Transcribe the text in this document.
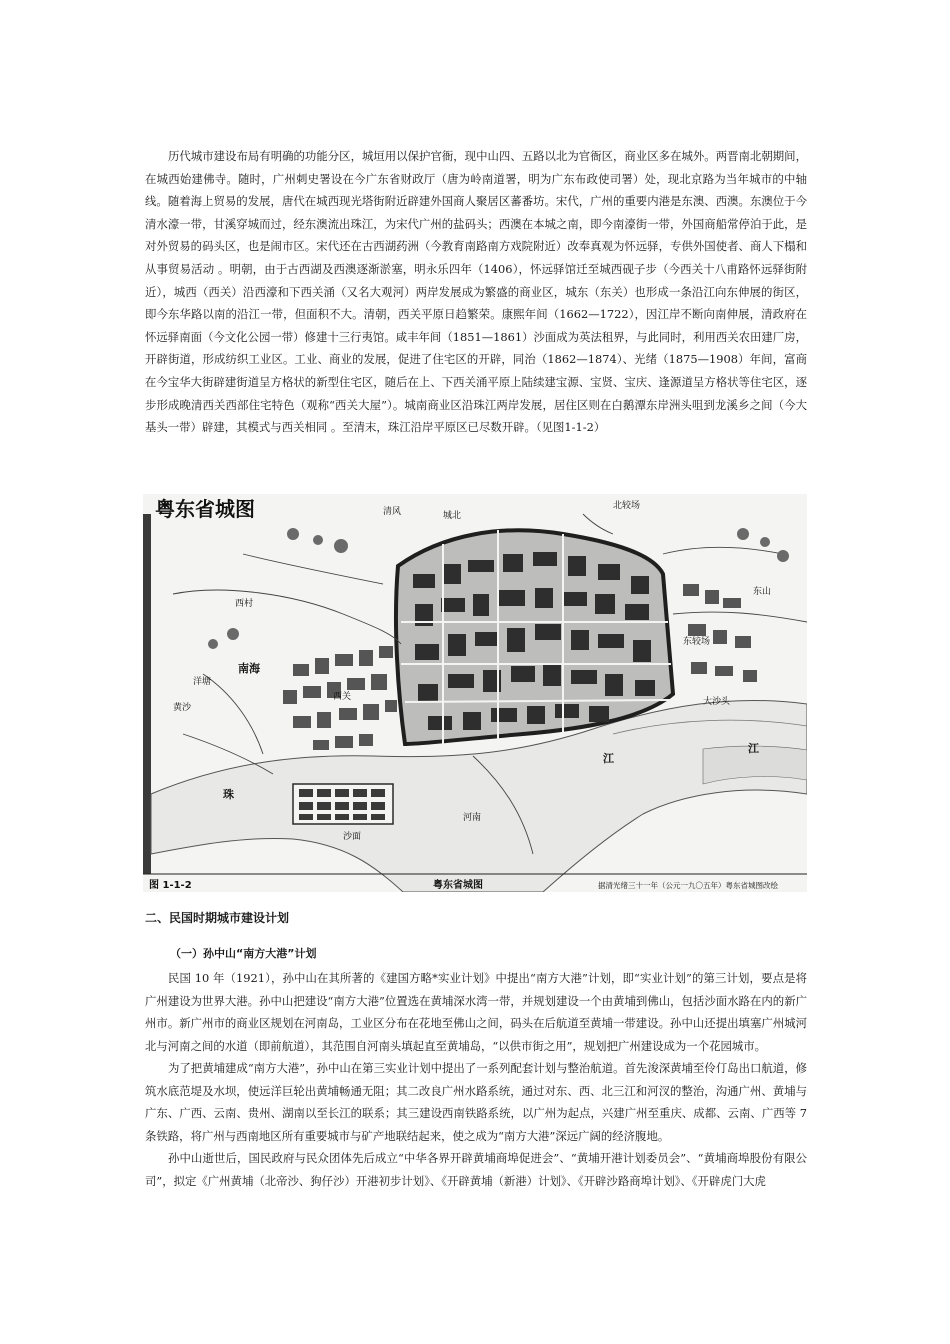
历代城市建设布局有明确的功能分区，城垣用以保护官衙，现中山四、五路以北为官衙区，商业区多在城外。两晋南北朝期间，在城西始建佛寺。随时，广州刺史署设在今广东省财政厅（唐为岭南道署，明为广东布政使司署）处，现北京路为当年城市的中轴线。随着海上贸易的发展，唐代在城西现光塔街附近辟建外国商人聚居区蕃番坊。宋代，广州的重要内港是东澳、西澳。东澳位于今清水濠一带，甘溪穿城而过，经东澳流出珠江，为宋代广州的盐码头；西澳在本城之南，即今南濠街一带，外国商船常停泊于此，是对外贸易的码头区，也是闹市区。宋代还在古西湖药洲（今教育南路南方戏院附近）改奉真观为怀远驿，专供外国使者、商人下榻和从事贸易活动 。明朝，由于古西湖及西澳逐渐淤塞，明永乐四年（1406），怀远驿馆迁至城西砚子步（今西关十八甫路怀远驿街附近），城西（西关）沿西濠和下西关涌（又名大观河）两岸发展成为繁盛的商业区，城东（东关）也形成一条沿江向东伸展的街区，即今东华路以南的沿江一带，但面积不大。清朝，西关平原日趋繁荣。康熙年间（1662—1722），因江岸不断向南伸展，清政府在怀远驿南面（今文化公园一带）修建十三行夷馆。咸丰年间（1851—1861）沙面成为英法租界，与此同时，利用西关农田建厂房，开辟街道，形成纺织工业区。工业、商业的发展，促进了住宅区的开辟，同治（1862—1874）、光绪（1875—1908）年间，富商在今宝华大街辟建街道呈方格状的新型住宅区，随后在上、下西关涌平原上陆续建宝源、宝贤、宝庆、逢源道呈方格状等住宅区，逐步形成晚清西关西部住宅特色（观称“西关大屋”）。城南商业区沿珠江两岸发展，居住区则在白鹅潭东岸洲头咀到龙溪乡之间（今大基头一带）辟建，其模式与西关相同 。至清末，珠江沿岸平原区已尽数开辟。（见图1-1-2）

粤东省城图	北较场
东较场
西村
西关
南海
洋塘
珠
江
河南
沙面
黄沙
清风	城北
江
东山
大沙头
图 1-1-2	粤东省城图	据清光绪三十一年（公元一九〇五年）粤东省城图改绘
二、民国时期城市建设计划
（一）孙中山“南方大港”计划

民国 10 年（1921），孙中山在其所著的《建国方略*实业计划》中提出“南方大港”计划，即“实业计划”的第三计划，要点是将广州建设为世界大港。孙中山把建设“南方大港”位置选在黄埔深水湾一带，并规划建设一个由黄埔到佛山，包括沙面水路在内的新广州市。新广州市的商业区规划在河南岛，工业区分布在花地至佛山之间，码头在后航道至黄埔一带建设。孙中山还提出填塞广州城河北与河南之间的水道（即前航道），其范围自河南头填起直至黄埔岛，“以供市街之用”，规划把广州建设成为一个花园城市。

为了把黄埔建成“南方大港”，孙中山在第三实业计划中提出了一系列配套计划与整治航道。首先浚深黄埔至伶仃岛出口航道，修筑水底范堤及水坝，使远洋巨轮出黄埔畅通无阻；其二改良广州水路系统，通过对东、西、北三江和河汊的整治，沟通广州、黄埔与广东、广西、云南、贵州、湖南以至长江的联系；其三建设西南铁路系统，以广州为起点，兴建广州至重庆、成都、云南、广西等 7 条铁路，将广州与西南地区所有重要城市与矿产地联结起来，使之成为“南方大港”深远广阔的经济腹地。

孙中山逝世后，国民政府与民众团体先后成立“中华各界开辟黄埔商埠促进会”、“黄埔开港计划委员会”、“黄埔商埠股份有限公司”，拟定《广州黄埔（北帝沙、狗仔沙）开港初步计划》、《开辟黄埔（新港）计划》、《开辟沙路商埠计划》、《开辟虎门大虎
